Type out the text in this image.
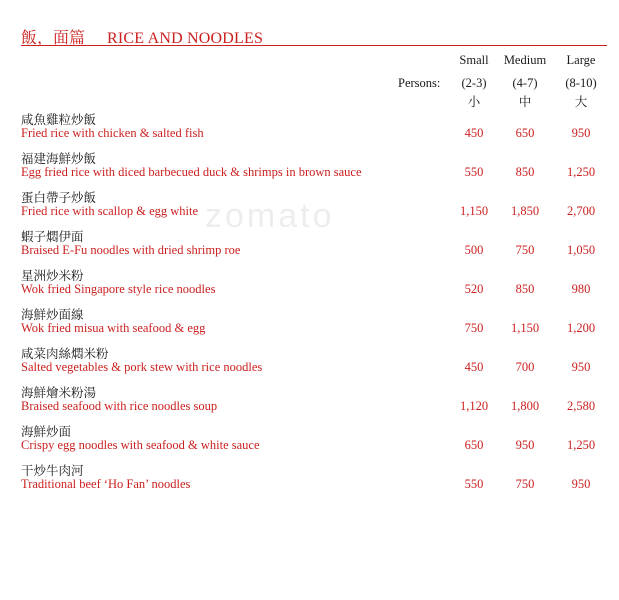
飯，面篇 RICE AND NOODLES
Small	Medium	Large
Persons:	(2-3)	(4-7)	(8-10)
小	中	大
咸魚雞粒炒飯
Fried rice with chicken & salted fish	450	650	950
福建海鮮炒飯
Egg fried rice with diced barbecued duck & shrimps in brown sauce	550	850	1,250
蛋白帶子炒飯
Fried rice with scallop & egg white	1,150	1,850	2,700
蝦子燜伊面
Braised E-Fu noodles with dried shrimp roe	500	750	1,050
星洲炒米粉
Wok fried Singapore style rice noodles	520	850	980
海鮮炒面線
Wok fried misua with seafood & egg	750	1,150	1,200
咸菜肉絲燜米粉
Salted vegetables & pork stew with rice noodles	450	700	950
海鮮燴米粉湯
Braised seafood with rice noodles soup	1,120	1,800	2,580
海鮮炒面
Crispy egg noodles with seafood & white sauce	650	950	1,250
干炒牛肉河
Traditional beef ‘Ho Fan’ noodles	550	750	950
zomato
